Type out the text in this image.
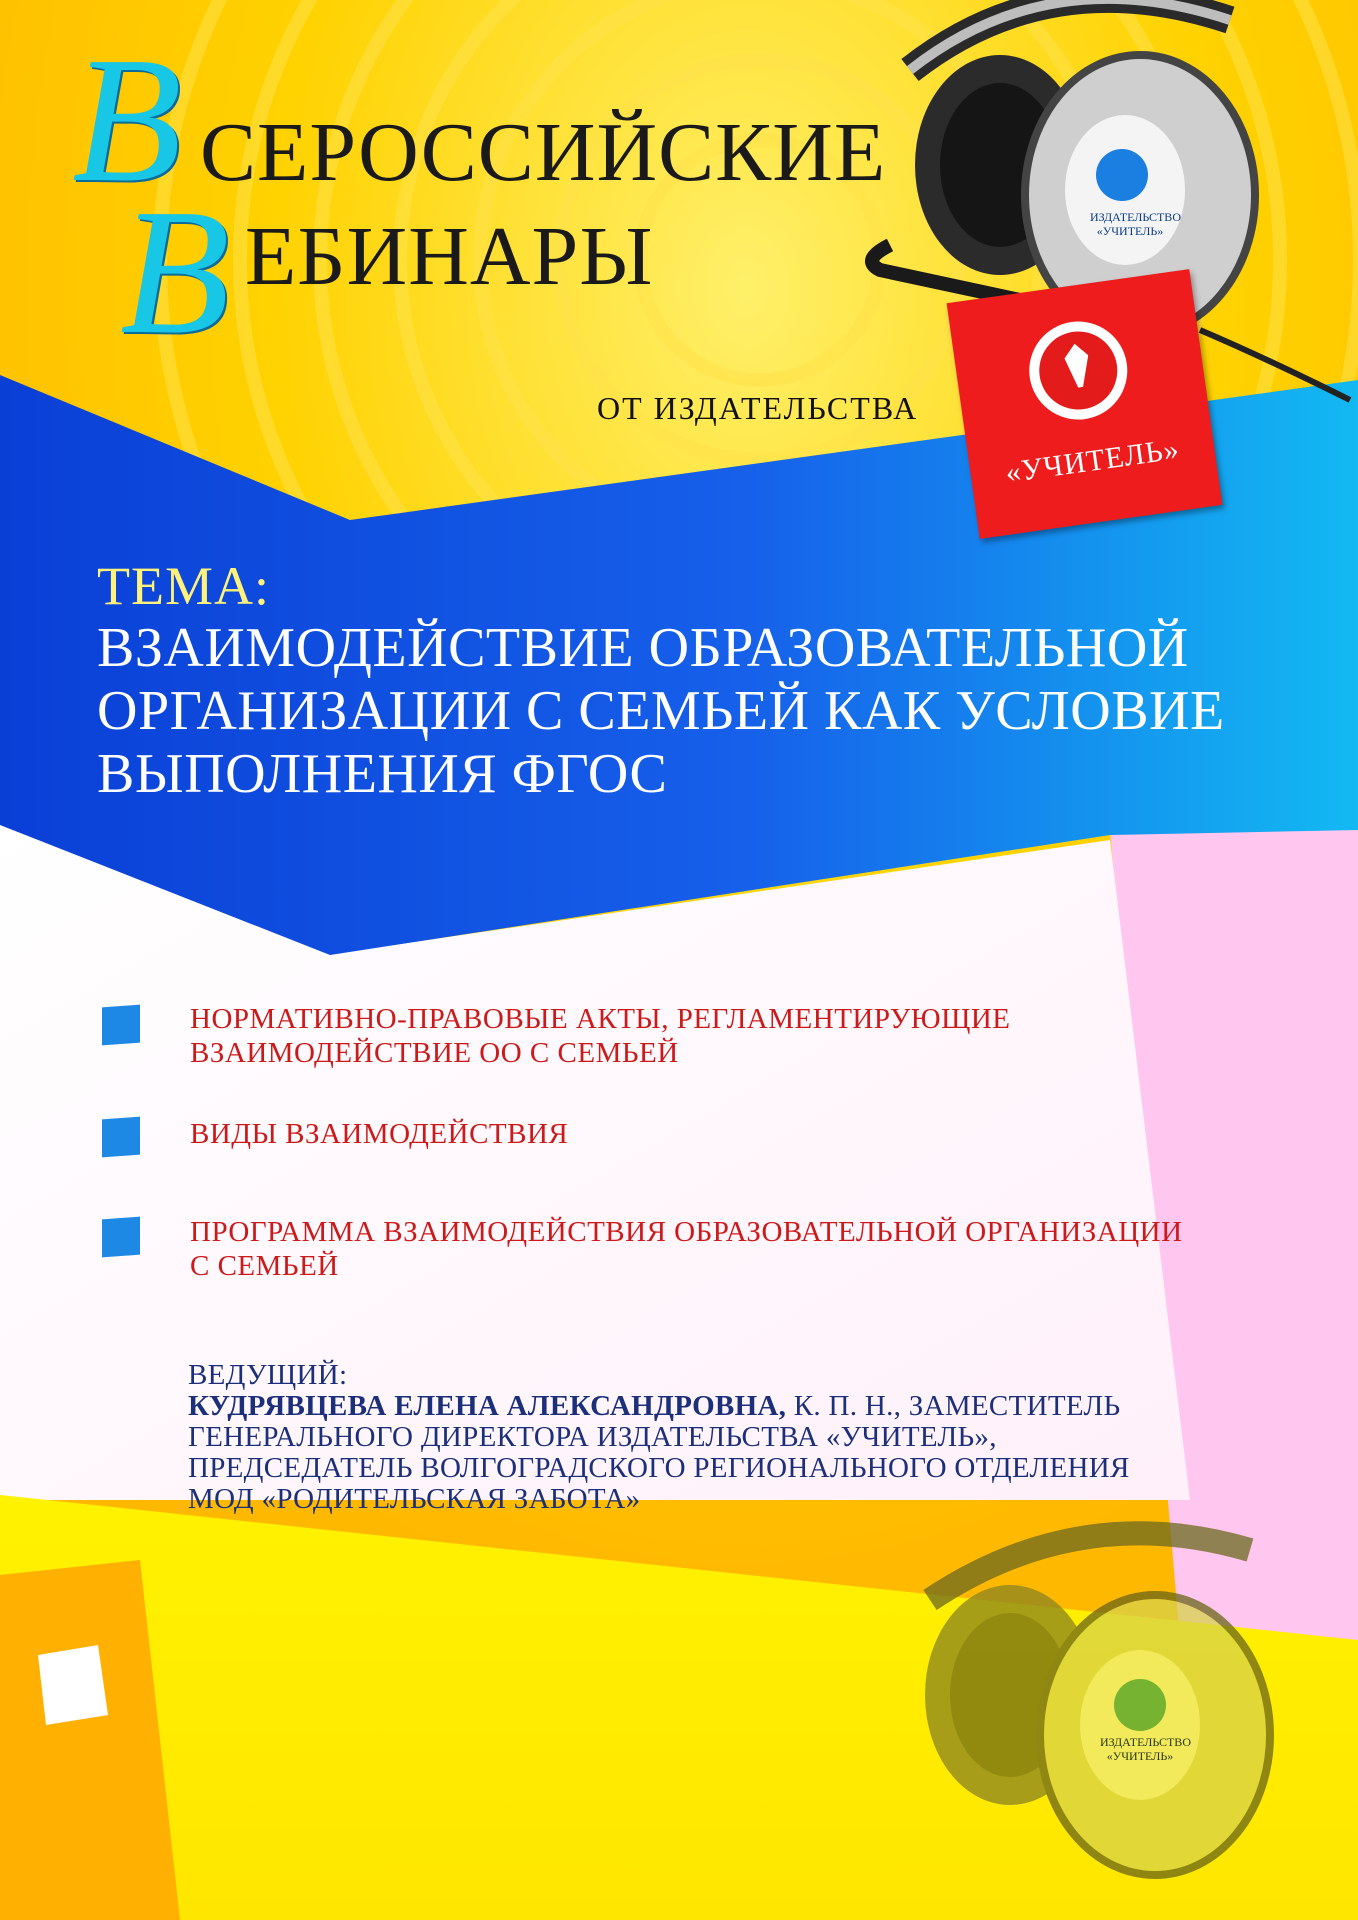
ИЗДАТЕЛЬСТВО
«УЧИТЕЛЬ»
«УЧИТЕЛЬ»
ИЗДАТЕЛЬСТВО
«УЧИТЕЛЬ»
В СЕРОССИЙСКИЕ
В ЕБИНАРЫ
ОТ ИЗДАТЕЛЬСТВА
ТЕМА:
ВЗАИМОДЕЙСТВИЕ ОБРАЗОВАТЕЛЬНОЙ
ОРГАНИЗАЦИИ С СЕМЬЕЙ КАК УСЛОВИЕ
ВЫПОЛНЕНИЯ ФГОС
НОРМАТИВНО-ПРАВОВЫЕ АКТЫ, РЕГЛАМЕНТИРУЮЩИЕ
ВЗАИМОДЕЙСТВИЕ ОО С СЕМЬЕЙ
ВИДЫ ВЗАИМОДЕЙСТВИЯ
ПРОГРАММА ВЗАИМОДЕЙСТВИЯ ОБРАЗОВАТЕЛЬНОЙ ОРГАНИЗАЦИИ
С СЕМЬЕЙ
ВЕДУЩИЙ:
КУДРЯВЦЕВА ЕЛЕНА АЛЕКСАНДРОВНА, К. П. Н., ЗАМЕСТИТЕЛЬ
ГЕНЕРАЛЬНОГО ДИРЕКТОРА ИЗДАТЕЛЬСТВА «УЧИТЕЛЬ»,
ПРЕДСЕДАТЕЛЬ ВОЛГОГРАДСКОГО РЕГИОНАЛЬНОГО ОТДЕЛЕНИЯ
МОД «РОДИТЕЛЬСКАЯ ЗАБОТА»
